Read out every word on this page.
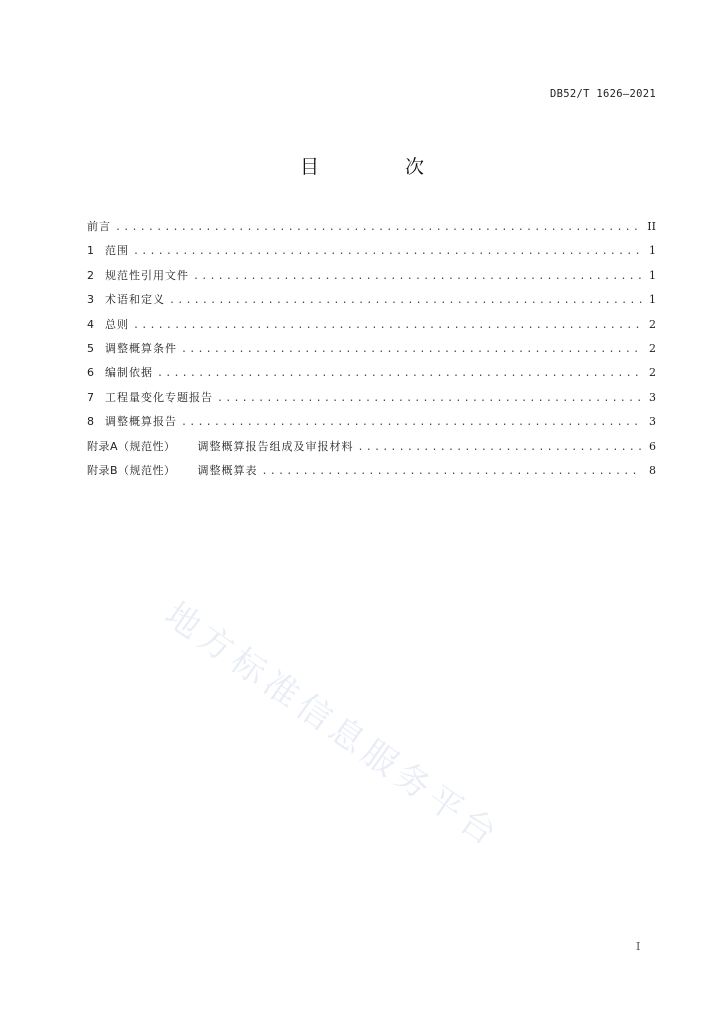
DB52/T 1626—2021
目 次
前言 .....	II
1	范围 .....	1
2	规范性引用文件 .....	1
3	术语和定义 .....	1
4	总则 .....	2
5	调整概算条件 .....	2
6	编制依据 .....	2
7	工程量变化专题报告 .....	3
8	调整概算报告 .....	3
附录A（规范性） 调整概算报告组成及审报材料 .....	6
附录B（规范性） 调整概算表 .....	8
地方标准信息服务平台
I
